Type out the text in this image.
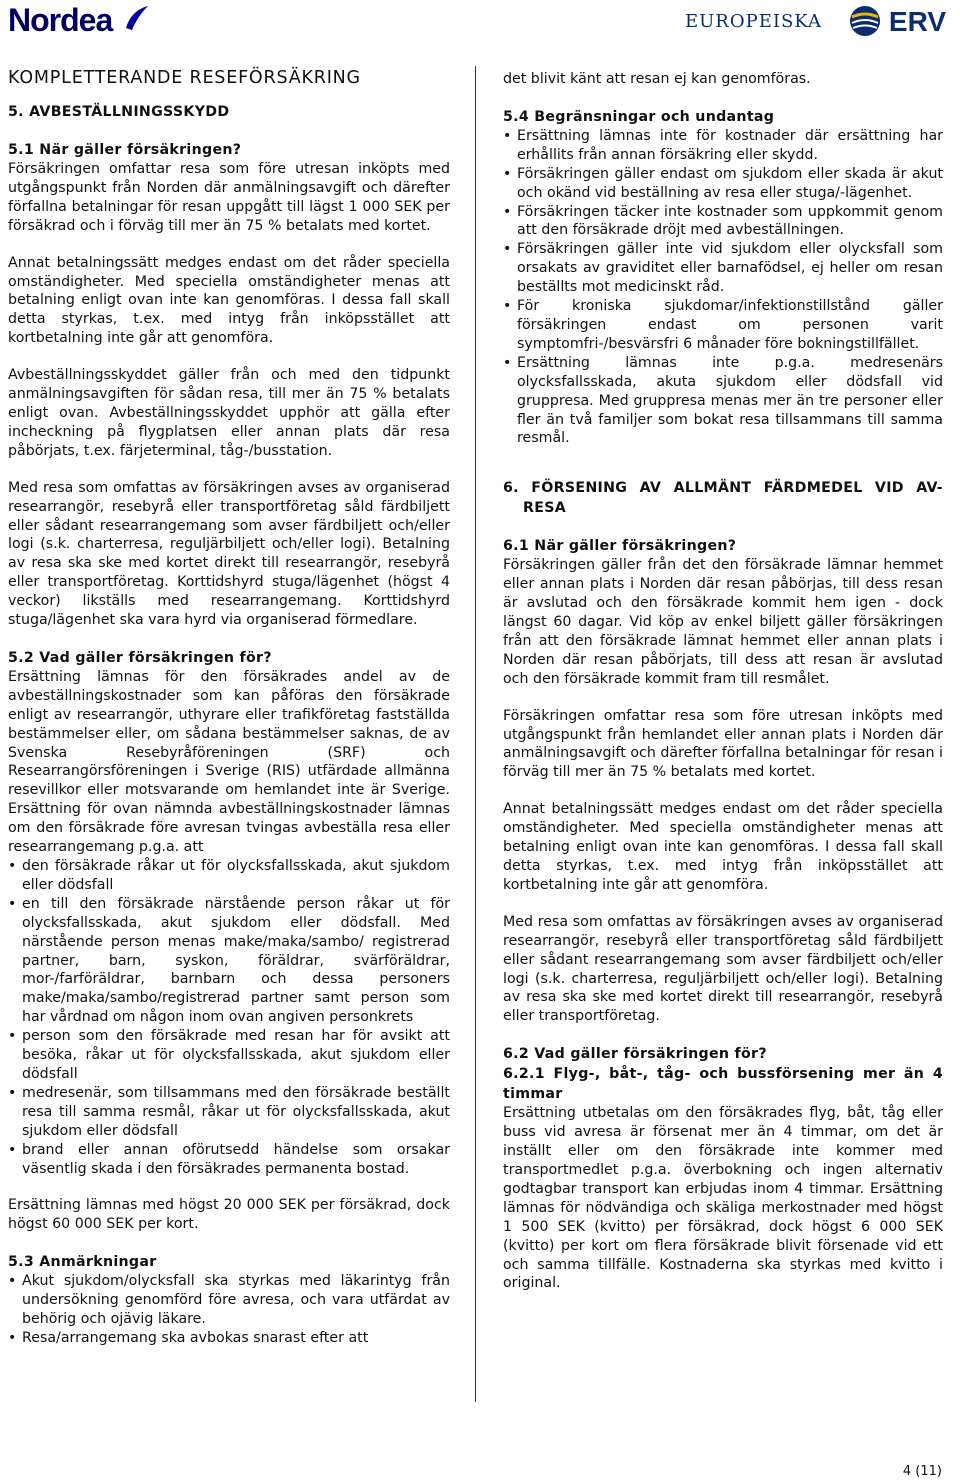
Nordea	EUROPEISKA ERV

KOMPLETTERANDE RESEFÖRSÄKRING

5. AVBESTÄLLNINGSSKYDD

5.1 När gäller försäkringen?

Försäkringen omfattar resa som före utresan inköpts med utgångspunkt från Norden där anmälningsavgift och därefter förfallna betalningar för resan uppgått till lägst 1 000 SEK per försäkrad och i förväg till mer än 75 % betalats med kortet.

Annat betalningssätt medges endast om det råder speciella omständigheter. Med speciella omständigheter menas att betalning enligt ovan inte kan genomföras. I dessa fall skall detta styrkas, t.ex. med intyg från inköpsstället att kortbetalning inte går att genomföra.

Avbeställningsskyddet gäller från och med den tidpunkt anmälningsavgiften för sådan resa, till mer än 75 % betalats enligt ovan. Avbeställningsskyddet upphör att gälla efter incheckning på flygplatsen eller annan plats där resa påbörjats, t.ex. färjeterminal, tåg-/busstation.

Med resa som omfattas av försäkringen avses av organiserad researrangör, resebyrå eller transportföretag såld färdbiljett eller sådant researrangemang som avser färdbiljett och/eller logi (s.k. charterresa, reguljärbiljett och/eller logi). Betalning av resa ska ske med kortet direkt till researrangör, resebyrå eller transportföretag. Korttidshyrd stuga/lägenhet (högst 4 veckor) likställs med researrangemang. Korttidshyrd stuga/lägenhet ska vara hyrd via organiserad förmedlare.

5.2 Vad gäller försäkringen för?

Ersättning lämnas för den försäkrades andel av de avbeställningskostnader som kan påföras den försäkrade enligt av researrangör, uthyrare eller trafikföretag fastställda bestämmelser eller, om sådana bestämmelser saknas, de av Svenska Resebyråföreningen (SRF) och Researrangörsföreningen i Sverige (RIS) utfärdade allmänna resevillkor eller motsvarande om hemlandet inte är Sverige. Ersättning för ovan nämnda avbeställningskostnader lämnas om den försäkrade före avresan tvingas avbeställa resa eller researrangemang p.g.a. att

• den försäkrade råkar ut för olycksfallsskada, akut sjukdom eller dödsfall
• en till den försäkrade närstående person råkar ut för olycksfallsskada, akut sjukdom eller dödsfall. Med närstående person menas make/maka/sambo/ registrerad partner, barn, syskon, föräldrar, svärföräldrar, mor-/farföräldrar, barnbarn och dessa personers make/maka/sambo/registrerad partner samt person som har vårdnad om någon inom ovan angiven personkrets
• person som den försäkrade med resan har för avsikt att besöka, råkar ut för olycksfallsskada, akut sjukdom eller dödsfall
• medresenär, som tillsammans med den försäkrade beställt resa till samma resmål, råkar ut för olycksfallsskada, akut sjukdom eller dödsfall
• brand eller annan oförutsedd händelse som orsakar väsentlig skada i den försäkrades permanenta bostad.

Ersättning lämnas med högst 20 000 SEK per försäkrad, dock högst 60 000 SEK per kort.

5.3 Anmärkningar

• Akut sjukdom/olycksfall ska styrkas med läkarintyg från undersökning genomförd före avresa, och vara utfärdat av behörig och ojävig läkare.
• Resa/arrangemang ska avbokas snarast efter att

det blivit känt att resan ej kan genomföras.

5.4 Begränsningar och undantag

• Ersättning lämnas inte för kostnader där ersättning har erhållits från annan försäkring eller skydd.
• Försäkringen gäller endast om sjukdom eller skada är akut och okänd vid beställning av resa eller stuga/-lägenhet.
• Försäkringen täcker inte kostnader som uppkommit genom att den försäkrade dröjt med avbeställningen.
• Försäkringen gäller inte vid sjukdom eller olycksfall som orsakats av graviditet eller barnafödsel, ej heller om resan beställts mot medicinskt råd.
• För kroniska sjukdomar/infektionstillstånd gäller försäkringen endast om personen varit symptomfri-/besvärsfri 6 månader före bokningstillfället.
• Ersättning lämnas inte p.g.a. medresenärs olycksfallsskada, akuta sjukdom eller dödsfall vid gruppresa. Med gruppresa menas mer än tre personer eller fler än två familjer som bokat resa tillsammans till samma resmål.

6. FÖRSENING AV ALLMÄNT FÄRDMEDEL VID AV-RESA

6.1 När gäller försäkringen?

Försäkringen gäller från det den försäkrade lämnar hemmet eller annan plats i Norden där resan påbörjas, till dess resan är avslutad och den försäkrade kommit hem igen - dock längst 60 dagar. Vid köp av enkel biljett gäller försäkringen från att den försäkrade lämnat hemmet eller annan plats i Norden där resan påbörjats, till dess att resan är avslutad och den försäkrade kommit fram till resmålet.

Försäkringen omfattar resa som före utresan inköpts med utgångspunkt från hemlandet eller annan plats i Norden där anmälningsavgift och därefter förfallna betalningar för resan i förväg till mer än 75 % betalats med kortet.

Annat betalningssätt medges endast om det råder speciella omständigheter. Med speciella omständigheter menas att betalning enligt ovan inte kan genomföras. I dessa fall skall detta styrkas, t.ex. med intyg från inköpsstället att kortbetalning inte går att genomföra.

Med resa som omfattas av försäkringen avses av organiserad researrangör, resebyrå eller transportföretag såld färdbiljett eller sådant researrangemang som avser färdbiljett och/eller logi (s.k. charterresa, reguljärbiljett och/eller logi). Betalning av resa ska ske med kortet direkt till researrangör, resebyrå eller transportföretag.

6.2 Vad gäller försäkringen för?

6.2.1 Flyg-, båt-, tåg- och bussförsening mer än 4 timmar

Ersättning utbetalas om den försäkrades flyg, båt, tåg eller buss vid avresa är försenat mer än 4 timmar, om det är inställt eller om den försäkrade inte kommer med transportmedlet p.g.a. överbokning och ingen alternativ godtagbar transport kan erbjudas inom 4 timmar. Ersättning lämnas för nödvändiga och skäliga merkostnader med högst 1 500 SEK (kvitto) per försäkrad, dock högst 6 000 SEK (kvitto) per kort om flera försäkrade blivit försenade vid ett och samma tillfälle. Kostnaderna ska styrkas med kvitto i original.

4 (11)
